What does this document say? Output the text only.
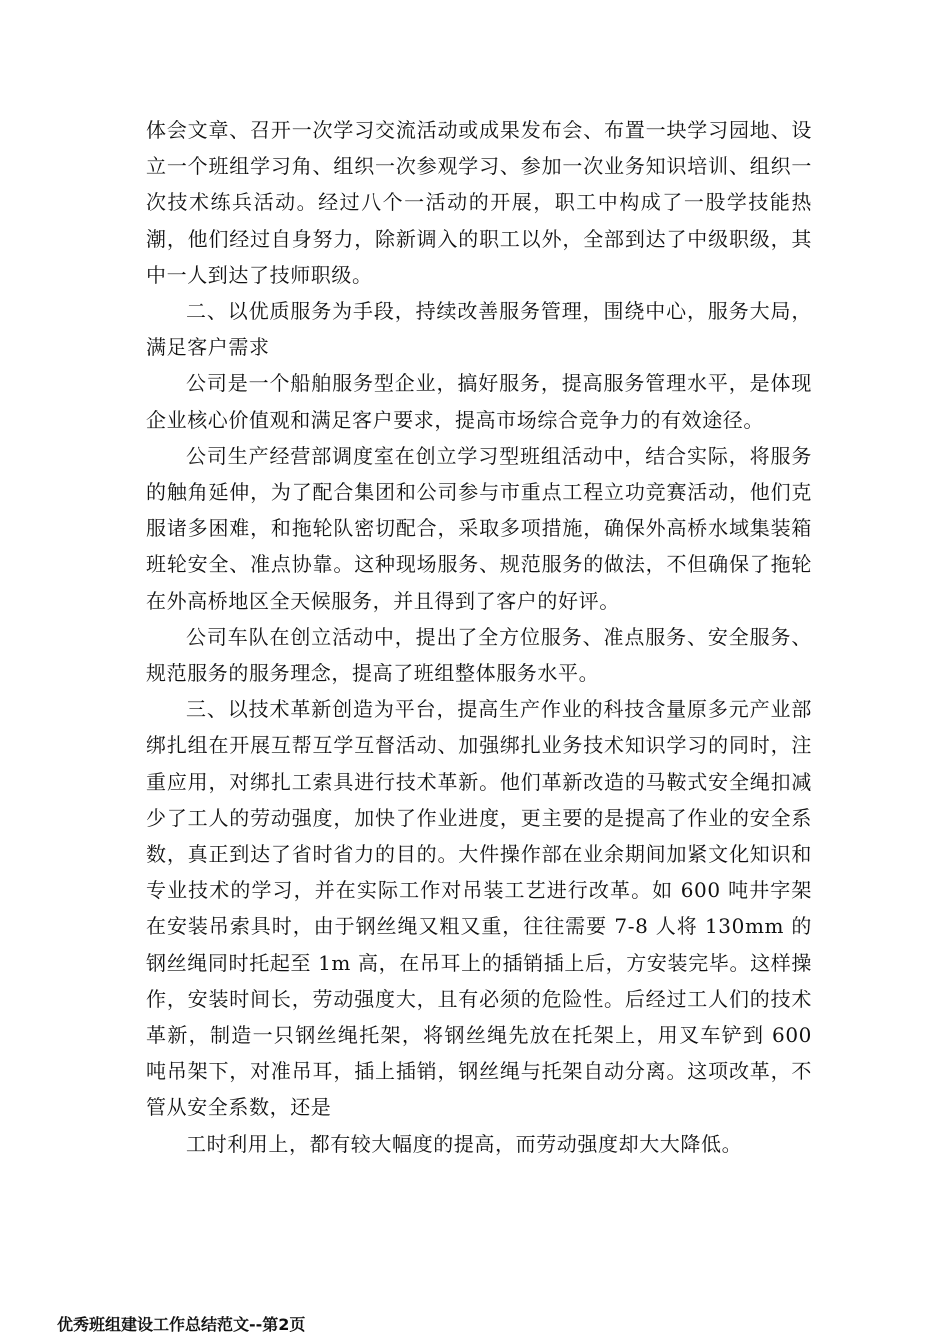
体会文章、召开一次学习交流活动或成果发布会、布置一块学习园地、设立一个班组学习角、组织一次参观学习、参加一次业务知识培训、组织一次技术练兵活动。经过八个一活动的开展，职工中构成了一股学技能热潮，他们经过自身努力，除新调入的职工以外，全部到达了中级职级，其中一人到达了技师职级。

二、以优质服务为手段，持续改善服务管理，围绕中心，服务大局，满足客户需求

公司是一个船舶服务型企业，搞好服务，提高服务管理水平，是体现企业核心价值观和满足客户要求，提高市场综合竞争力的有效途径。

公司生产经营部调度室在创立学习型班组活动中，结合实际，将服务的触角延伸，为了配合集团和公司参与市重点工程立功竞赛活动，他们克服诸多困难，和拖轮队密切配合，采取多项措施，确保外高桥水域集装箱班轮安全、准点协靠。这种现场服务、规范服务的做法，不但确保了拖轮在外高桥地区全天候服务，并且得到了客户的好评。

公司车队在创立活动中，提出了全方位服务、准点服务、安全服务、规范服务的服务理念，提高了班组整体服务水平。

三、以技术革新创造为平台，提高生产作业的科技含量原多元产业部绑扎组在开展互帮互学互督活动、加强绑扎业务技术知识学习的同时，注重应用，对绑扎工索具进行技术革新。他们革新改造的马鞍式安全绳扣减少了工人的劳动强度，加快了作业进度，更主要的是提高了作业的安全系数，真正到达了省时省力的目的。大件操作部在业余期间加紧文化知识和专业技术的学习，并在实际工作对吊装工艺进行改革。如 600 吨井字架在安装吊索具时，由于钢丝绳又粗又重，往往需要 7-8 人将 130mm 的钢丝绳同时托起至 1m 高，在吊耳上的插销插上后，方安装完毕。这样操作，安装时间长，劳动强度大，且有必须的危险性。后经过工人们的技术革新，制造一只钢丝绳托架，将钢丝绳先放在托架上，用叉车铲到 600 吨吊架下，对准吊耳，插上插销，钢丝绳与托架自动分离。这项改革，不管从安全系数，还是

工时利用上，都有较大幅度的提高，而劳动强度却大大降低。

优秀班组建设工作总结范文--第2页
